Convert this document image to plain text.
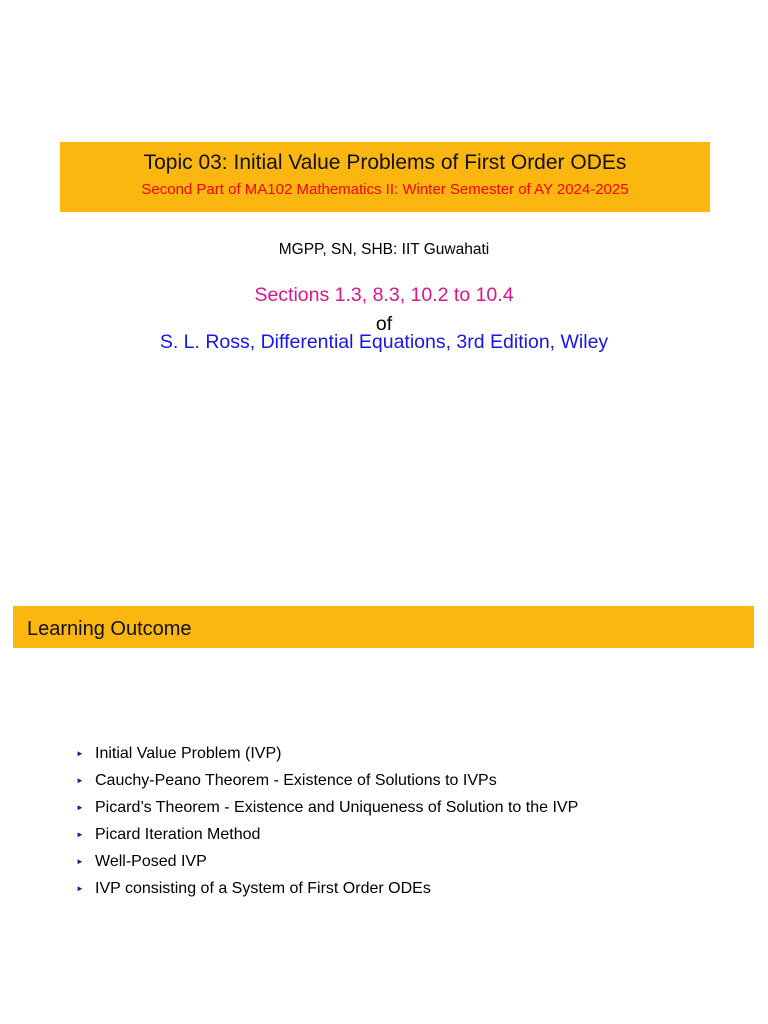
Topic 03: Initial Value Problems of First Order ODEs
Second Part of MA102 Mathematics II: Winter Semester of AY 2024-2025
MGPP, SN, SHB: IIT Guwahati
Sections 1.3, 8.3, 10.2 to 10.4
of
S. L. Ross, Differential Equations, 3rd Edition, Wiley
Learning Outcome
► Initial Value Problem (IVP)
► Cauchy-Peano Theorem - Existence of Solutions to IVPs
► Picard’s Theorem - Existence and Uniqueness of Solution to the IVP
► Picard Iteration Method
► Well-Posed IVP
► IVP consisting of a System of First Order ODEs
